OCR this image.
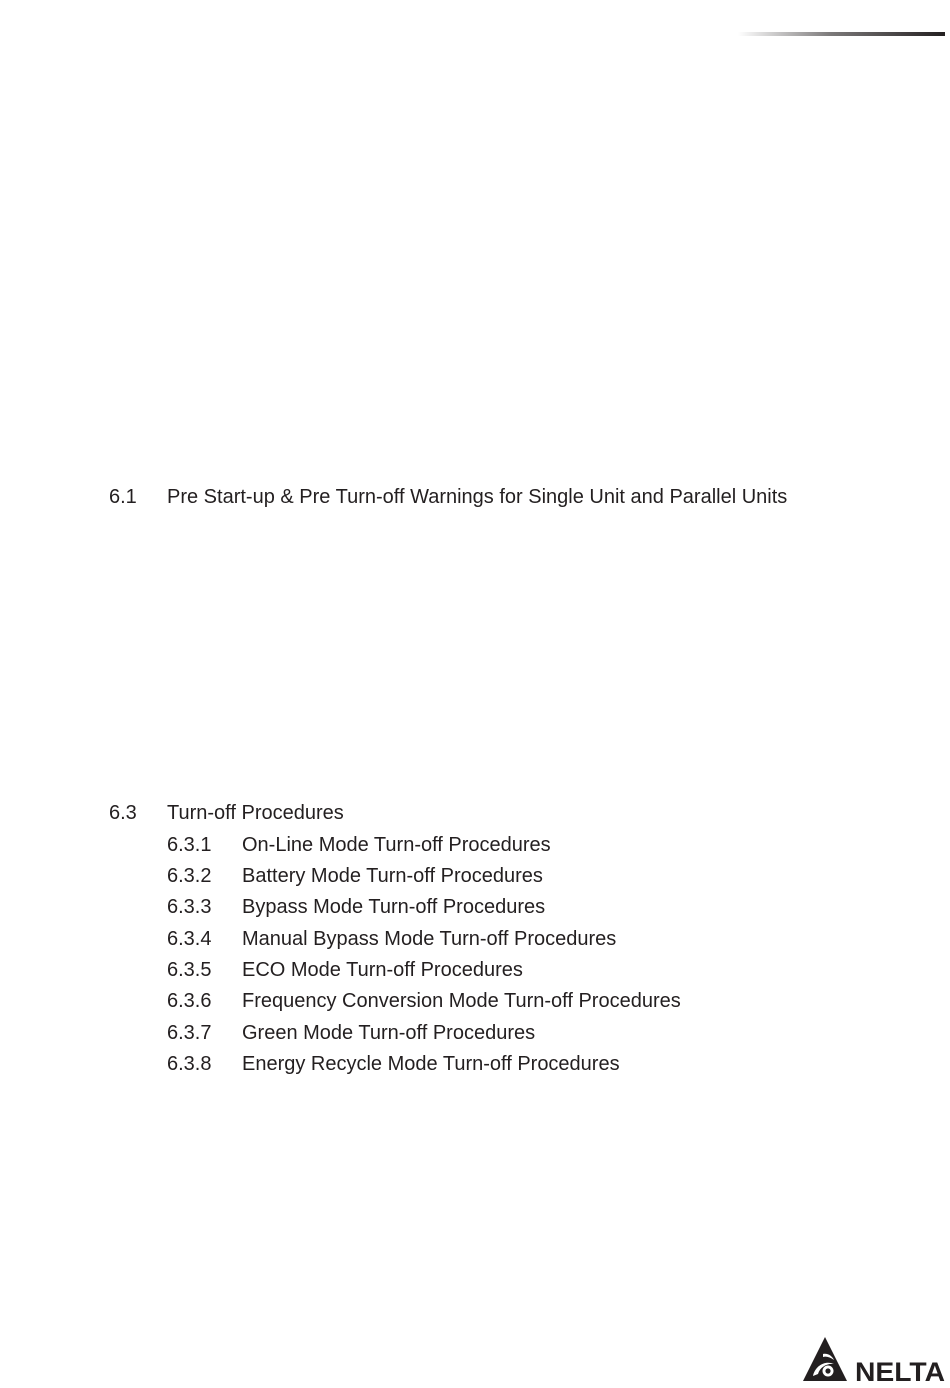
6.1 Pre Start-up & Pre Turn-off Warnings for Single Unit and Parallel Units
6.3 Turn-off Procedures
6.3.1 On-Line Mode Turn-off Procedures
6.3.2 Battery Mode Turn-off Procedures
6.3.3 Bypass Mode Turn-off Procedures
6.3.4 Manual Bypass Mode Turn-off Procedures
6.3.5 ECO Mode Turn-off Procedures
6.3.6 Frequency Conversion Mode Turn-off Procedures
6.3.7 Green Mode Turn-off Procedures
6.3.8 Energy Recycle Mode Turn-off Procedures
NELTA
